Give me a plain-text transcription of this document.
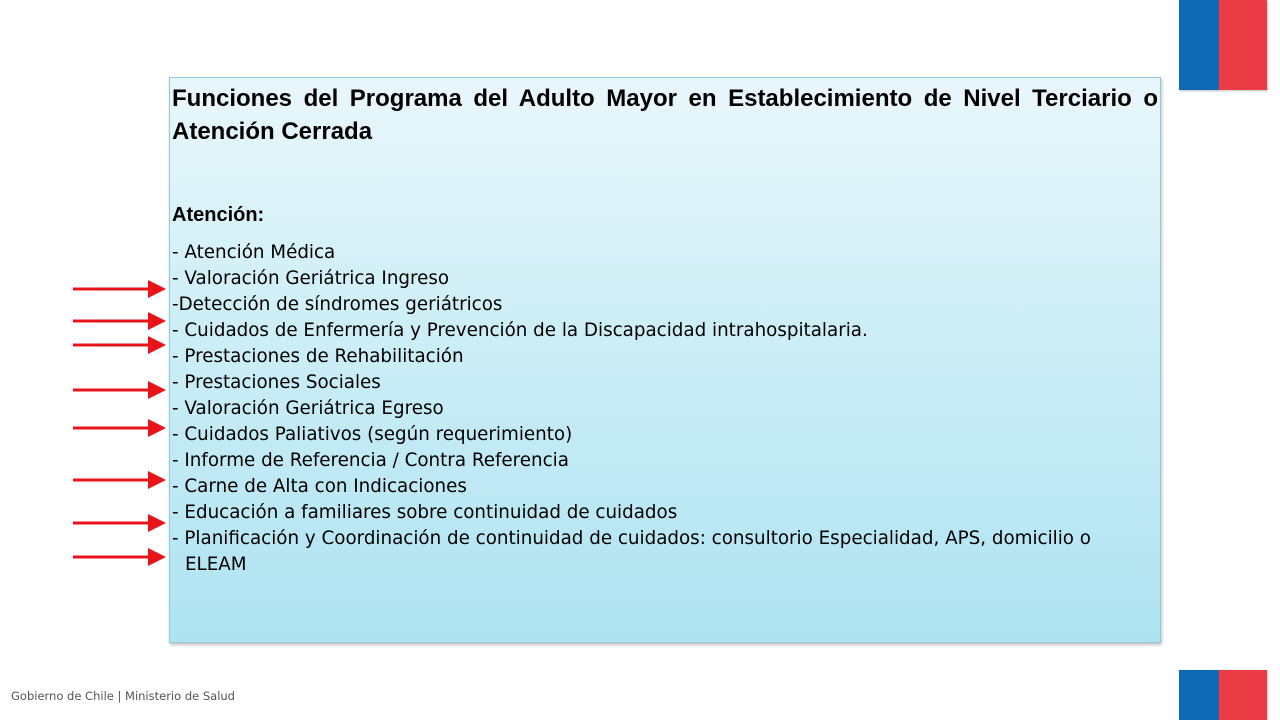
Funciones del Programa del Adulto Mayor en Establecimiento de Nivel Terciario o Atención Cerrada
Atención:
- Atención Médica
- Valoración Geriátrica Ingreso
-Detección de síndromes geriátricos
- Cuidados de Enfermería y Prevención de la Discapacidad intrahospitalaria.
- Prestaciones de Rehabilitación
- Prestaciones Sociales
- Valoración Geriátrica Egreso
- Cuidados Paliativos (según requerimiento)
- Informe de Referencia / Contra Referencia
- Carne de Alta con Indicaciones
- Educación a familiares sobre continuidad de cuidados
- Planificación y Coordinación de continuidad de cuidados: consultorio Especialidad, APS, domicilio o ELEAM
Gobierno de Chile | Ministerio de Salud
